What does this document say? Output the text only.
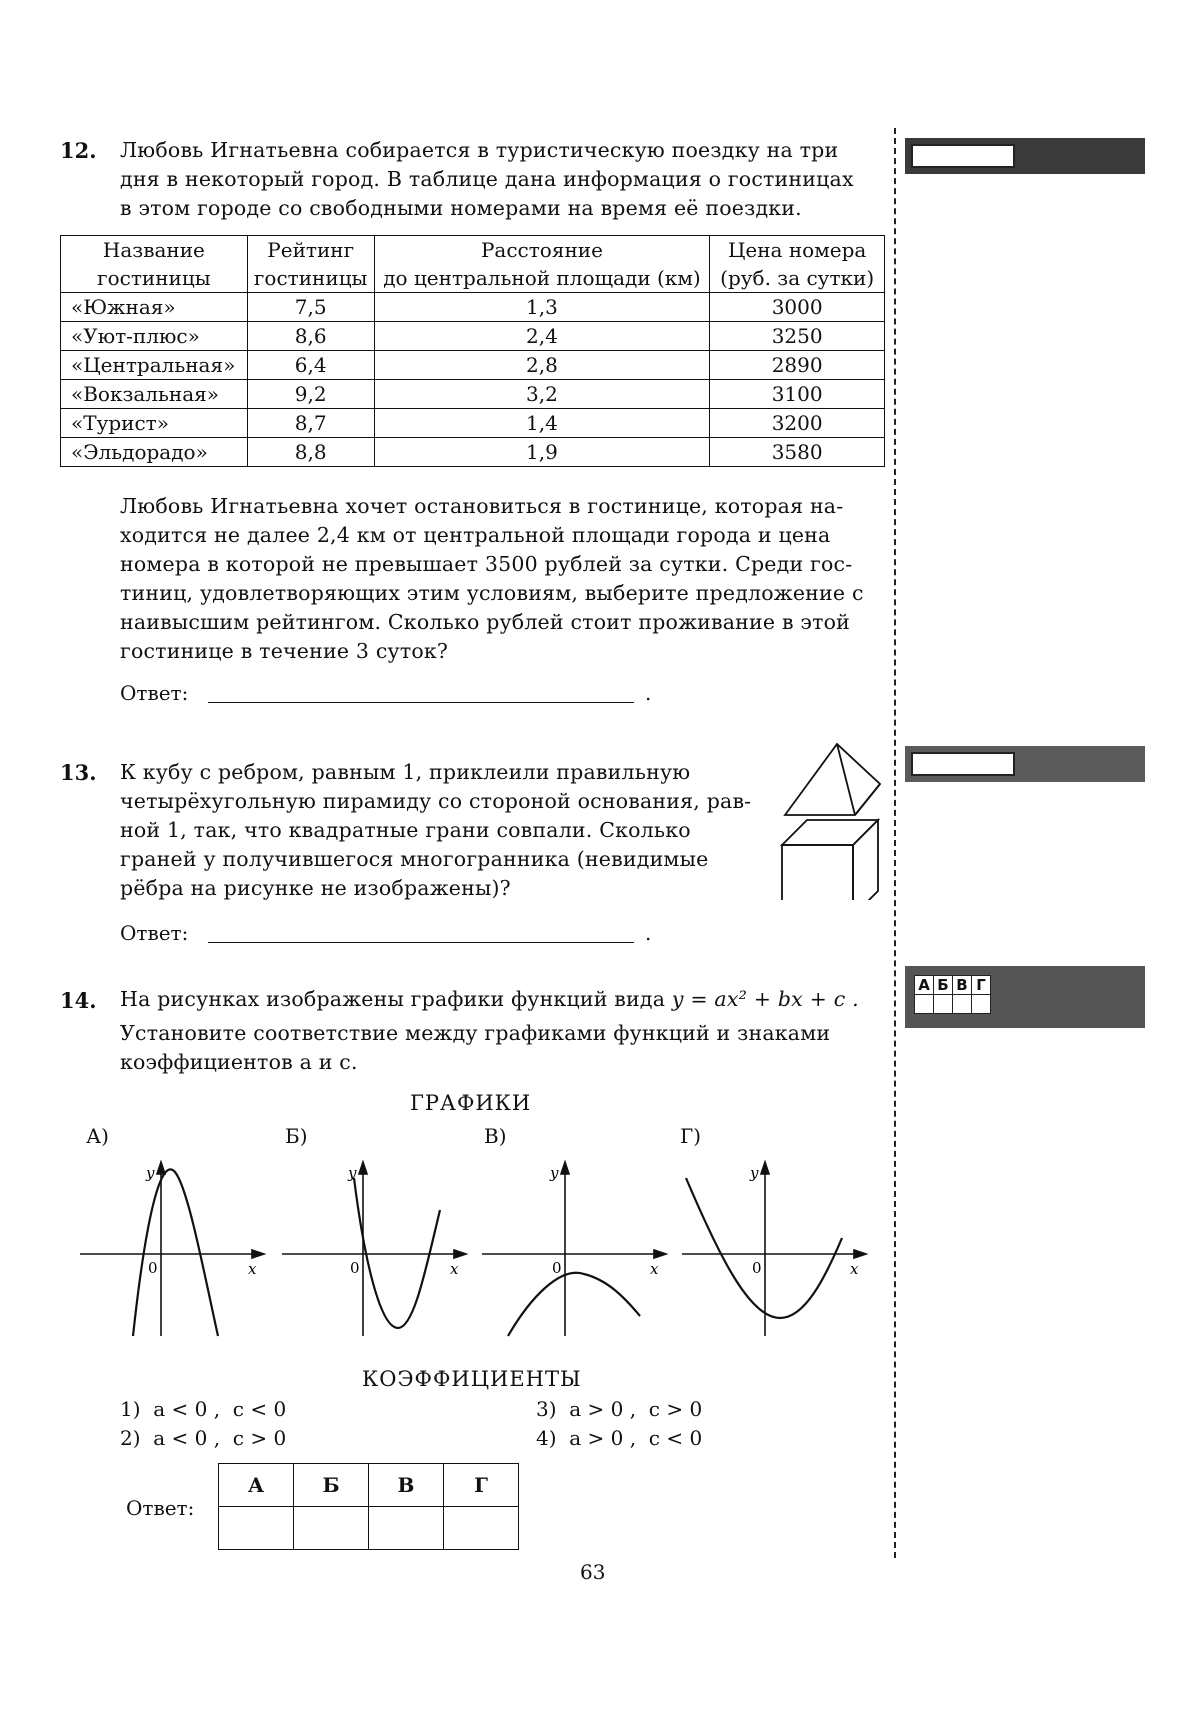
12. Любовь Игнатьевна собирается в туристическую поездку на три
дня в некоторый город. В таблице дана информация о гостиницах
в этом городе со свободными номерами на время её поездки.
Название	Рейтинг	Расстояние	Цена номера
гостиницы	гостиницы	до центральной площади (км)	(руб. за сутки)
«Южная»	7,5	1,3	3000
«Уют-плюс»	8,6	2,4	3250
«Центральная»	6,4	2,8	2890
«Вокзальная»	9,2	3,2	3100
«Турист»	8,7	1,4	3200
«Эльдорадо»	8,8	1,9	3580
Любовь Игнатьевна хочет остановиться в гостинице, которая на-
ходится не далее 2,4 км от центральной площади города и цена
номера в которой не превышает 3500 рублей за сутки. Среди гос-
тиниц, удовлетворяющих этим условиям, выберите предложение с
наивысшим рейтингом. Сколько рублей стоит проживание в этой
гостинице в течение 3 суток?
Ответ:	.
13. К кубу с ребром, равным 1, приклеили правильную
четырёхугольную пирамиду со стороной основания, рав-
ной 1, так, что квадратные грани совпали. Сколько
граней у получившегося многогранника (невидимые
рёбра на рисунке не изображены)?
Ответ:	.
14. На рисунках изображены графики функций вида y = ax² + bx + c .
Установите соответствие между графиками функций и знаками
коэффициентов a и c.
ГРАФИКИ
А)	Б)	В)	Г)
y
x
0
y
x
0
y
x
0
y
x
0
КОЭФФИЦИЕНТЫ
1)  a < 0 ,  c < 0
2)  a < 0 ,  c > 0
3)  a > 0 ,  c > 0
4)  a > 0 ,  c < 0
Ответ:
А	Б	В	Г

63
А	Б	В	Г
